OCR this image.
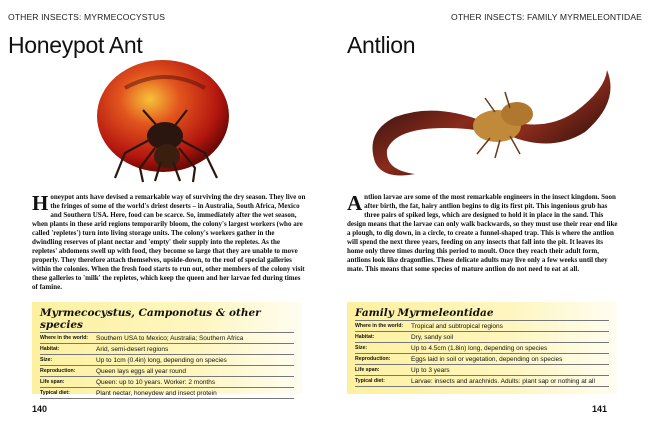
OTHER INSECTS: MYRMECOCYSTUS
Honeypot Ant
Honeypot ants have devised a remarkable way of surviving the dry season. They live on the fringes of some of the world's driest deserts – in Australia, South Africa, Mexico and Southern USA. Here, food can be scarce. So, immediately after the wet season, when plants in these arid regions temporarily bloom, the colony's largest workers (who are called 'repletes') turn into living storage units. The colony's workers gather in the dwindling reserves of plant nectar and 'empty' their supply into the repletes. As the repletes' abdomens swell up with food, they become so large that they are unable to move properly. They therefore attach themselves, upside-down, to the roof of special galleries within the colonies. When the fresh food starts to run out, other members of the colony visit these galleries to 'milk' the repletes, which keep the queen and her larvae fed during times of famine.
Myrmecocystus, Camponotus & other species
Where in the world:	Southern USA to Mexico; Australia; Southern Africa
Habitat:	Arid, semi-desert regions
Size:	Up to 1cm (0.4in) long, depending on species
Reproduction:	Queen lays eggs all year round
Life span:	Queen: up to 10 years. Worker: 2 months
Typical diet:	Plant nectar, honeydew and insect protein
140
OTHER INSECTS: FAMILY MYRMELEONTIDAE
Antlion
Antlion larvae are some of the most remarkable engineers in the insect kingdom. Soon after birth, the fat, hairy antlion begins to dig its first pit. This ingenious grub has three pairs of spiked legs, which are designed to hold it in place in the sand. This design means that the larvae can only walk backwards, so they must use their rear end like a plough, to dig down, in a circle, to create a funnel-shaped trap. This is where the antlion will spend the next three years, feeding on any insects that fall into the pit. It leaves its home only three times during this period to moult. Once they reach their adult form, antlions look like dragonflies. These delicate adults may live only a few weeks until they mate. This means that some species of mature antlion do not need to eat at all.
Family Myrmeleontidae
Where in the world:	Tropical and subtropical regions
Habitat:	Dry, sandy soil
Size:	Up to 4.5cm (1.8in) long, depending on species
Reproduction:	Eggs laid in soil or vegetation, depending on species
Life span:	Up to 3 years
Typical diet:	Larvae: insects and arachnids. Adults: plant sap or nothing at all
141
